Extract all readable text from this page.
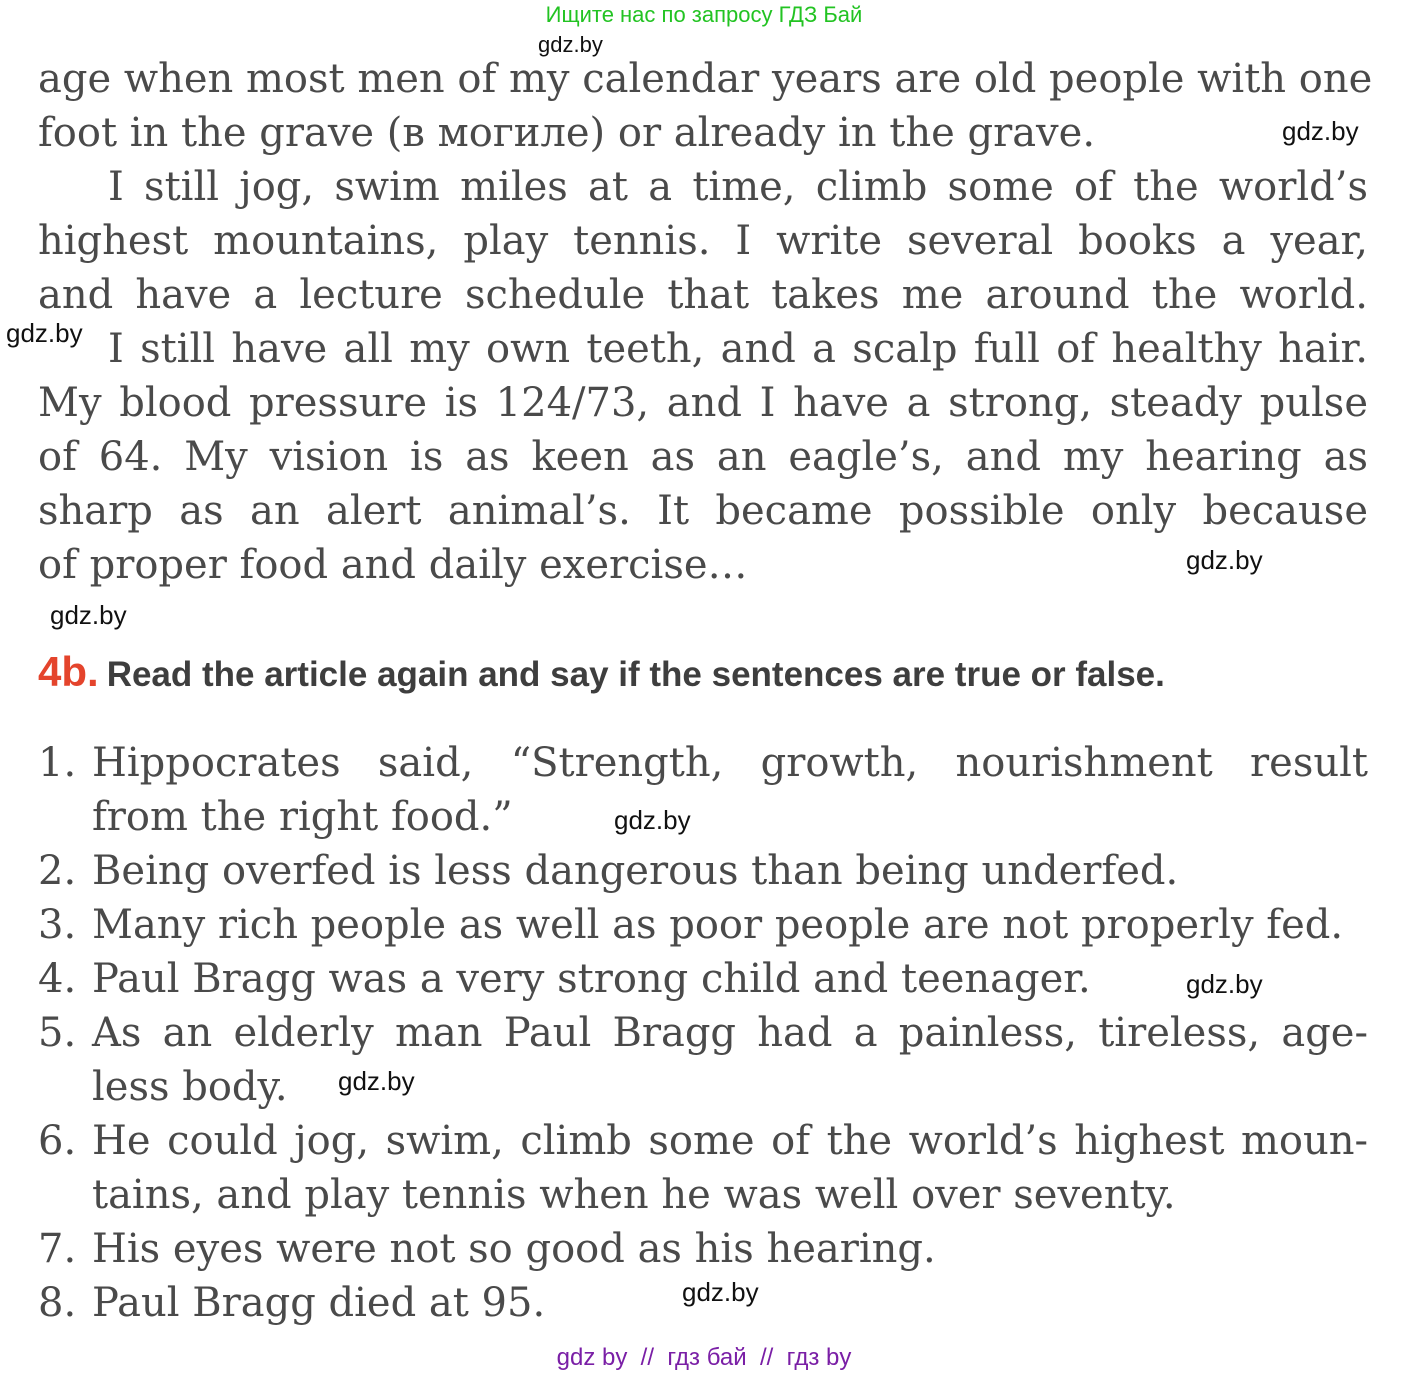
Ищите нас по запросу ГДЗ Бай
gdz.by
gdz.by
gdz.by
gdz.by
gdz.by
gdz.by
gdz.by
gdz.by
gdz.by
age when most men of my calendar years are old people with one
foot in the grave (в могиле) or already in the grave.
I still jog, swim miles at a time, climb some of the world’s
highest mountains, play tennis. I write several books a year,
and have a lecture schedule that takes me around the world.
I still have all my own teeth, and a scalp full of healthy hair.
My blood pressure is 124/73, and I have a strong, steady pulse
of 64. My vision is as keen as an eagle’s, and my hearing as
sharp as an alert animal’s. It became possible only because
of proper food and daily exercise…
4b. Read the article again and say if the sentences are true or false.
1. Hippocrates said, “Strength, growth, nourishment result
from the right food.”
2. Being overfed is less dangerous than being underfed.
3. Many rich people as well as poor people are not properly fed.
4. Paul Bragg was a very strong child and teenager.
5. As an elderly man Paul Bragg had a painless, tireless, age-
less body.
6. He could jog, swim, climb some of the world’s highest moun-
tains, and play tennis when he was well over seventy.
7. His eyes were not so good as his hearing.
8. Paul Bragg died at 95.
gdz by  //  гдз бай  //  гдз by
